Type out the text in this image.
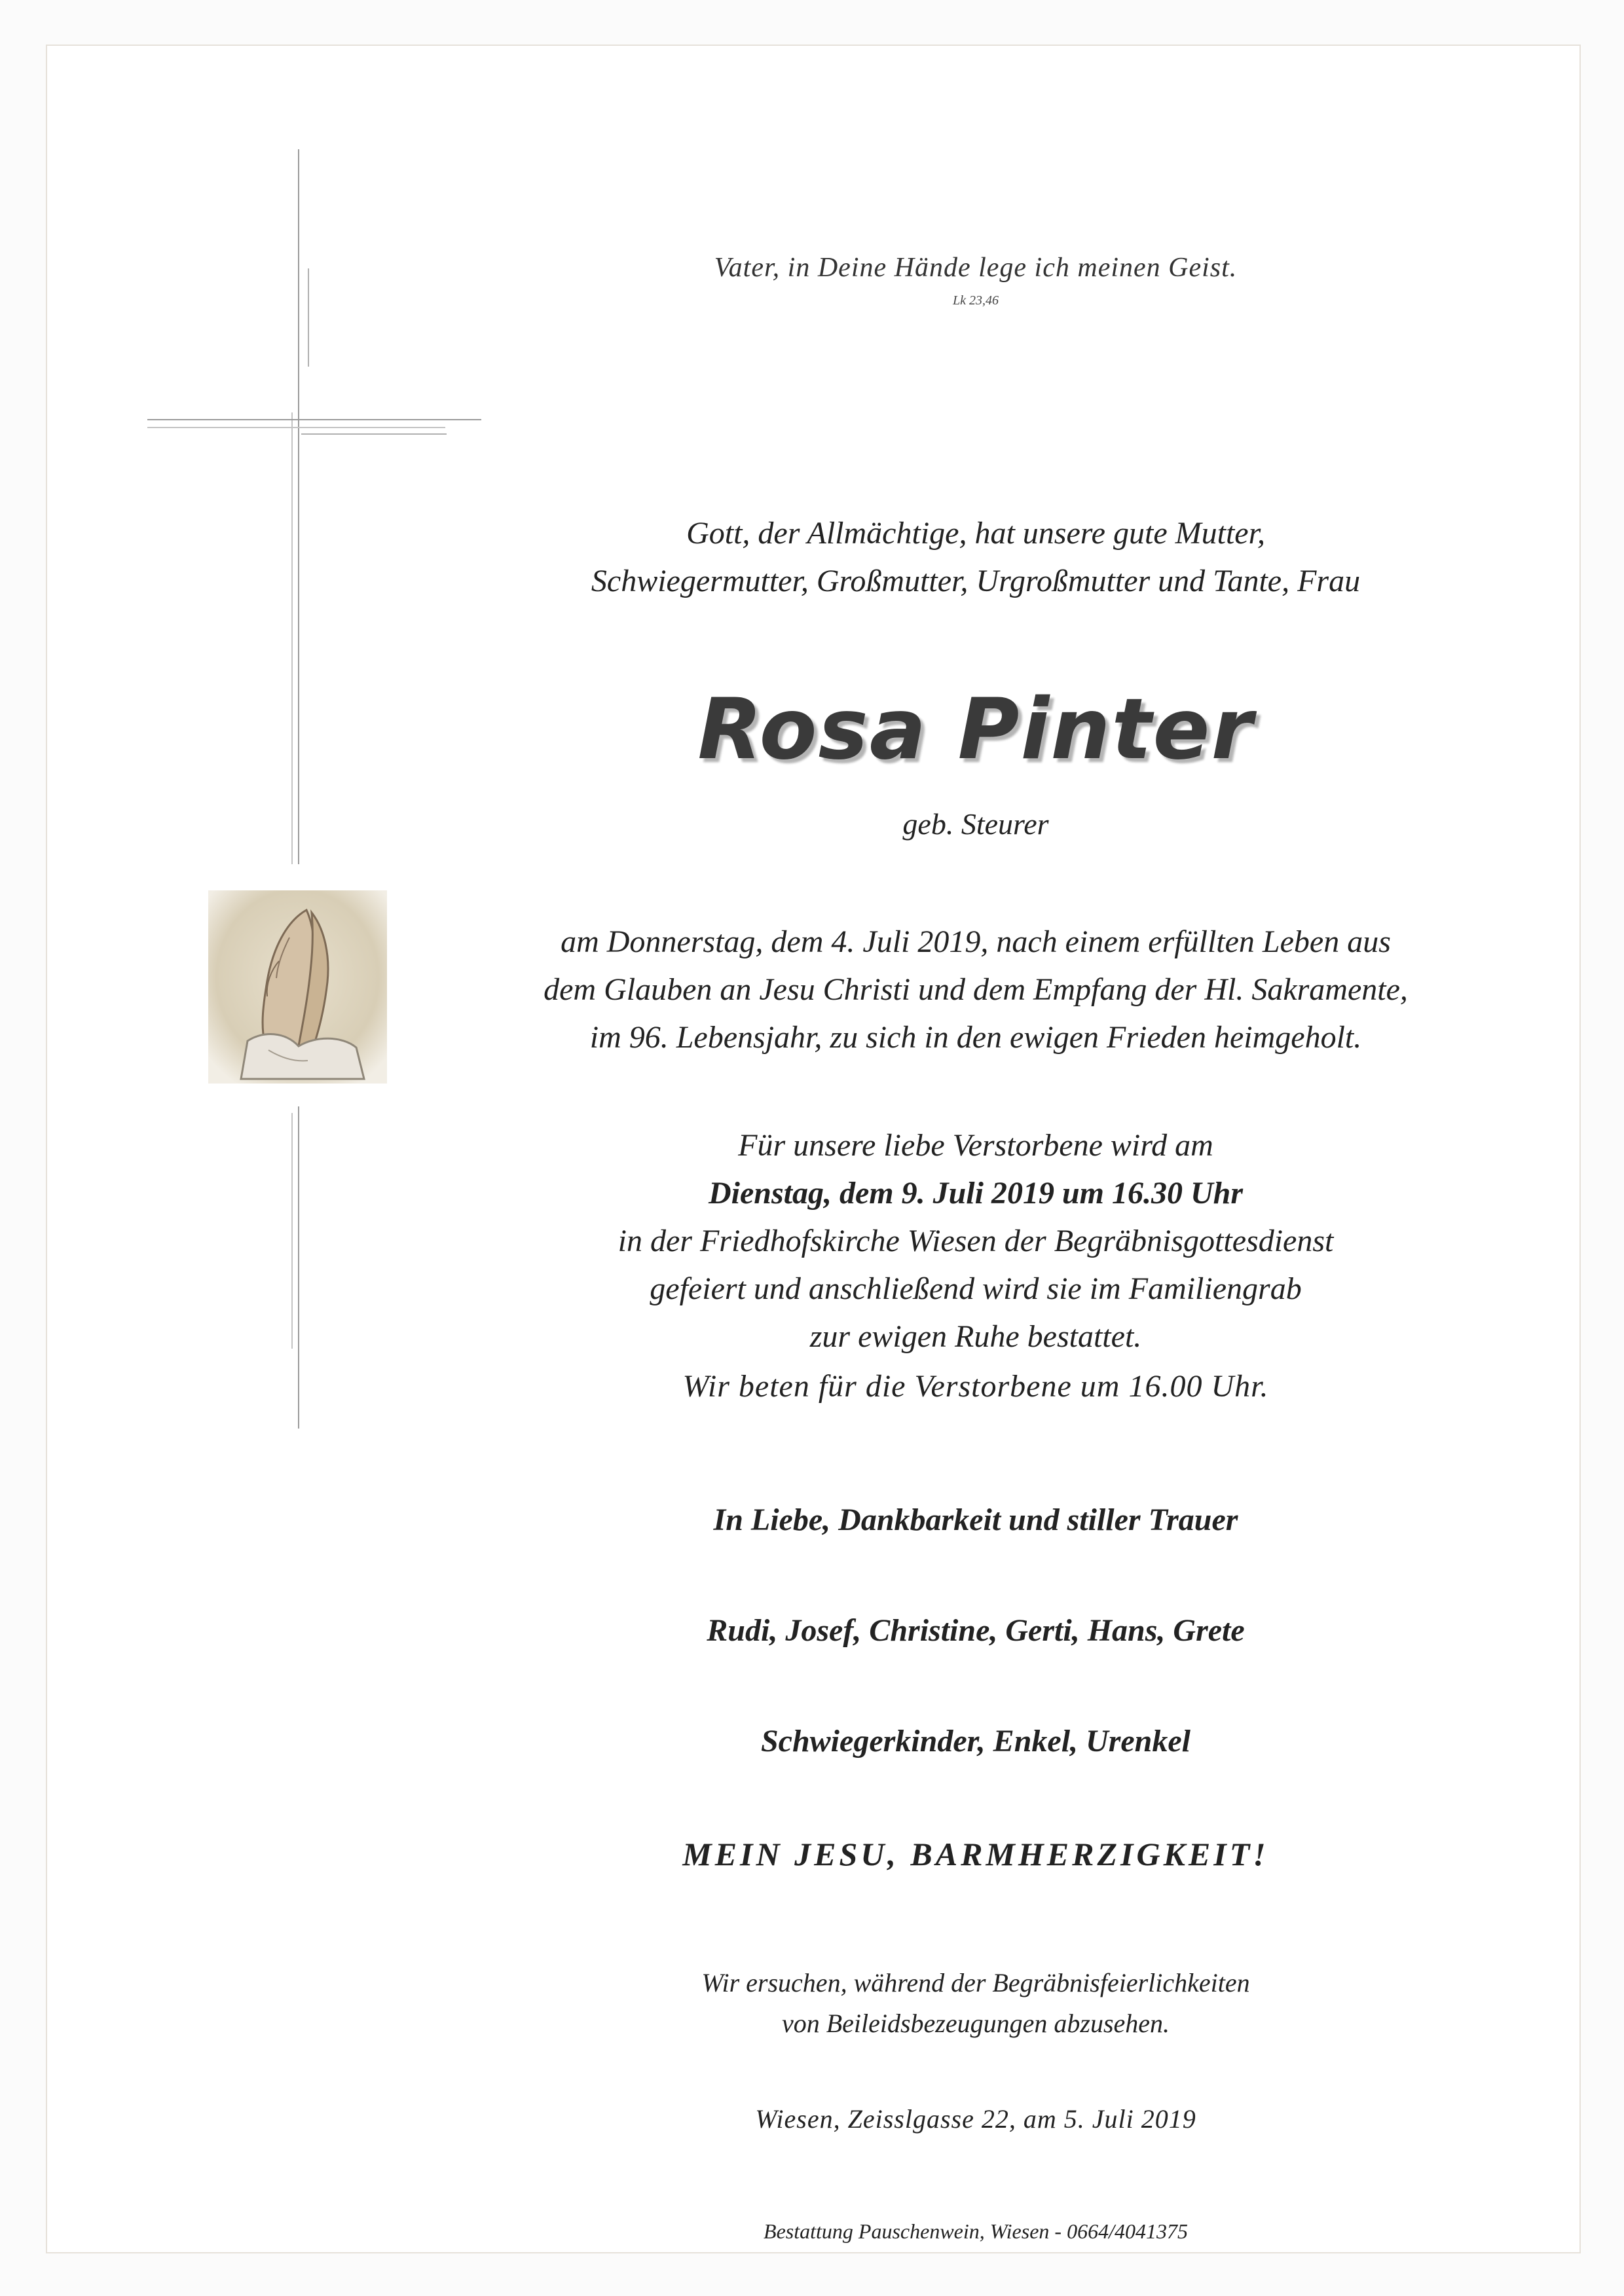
Vater, in Deine Hände lege ich meinen Geist.
Lk 23,46
Gott, der Allmächtige, hat unsere gute Mutter,
Schwiegermutter, Großmutter, Urgroßmutter und Tante, Frau
Rosa Pinter
geb. Steurer
am Donnerstag, dem 4. Juli 2019, nach einem erfüllten Leben aus
dem Glauben an Jesu Christi und dem Empfang der Hl. Sakramente,
im 96. Lebensjahr, zu sich in den ewigen Frieden heimgeholt.
Für unsere liebe Verstorbene wird am
Dienstag, dem 9. Juli 2019 um 16.30 Uhr
in der Friedhofskirche Wiesen der Begräbnisgottesdienst
gefeiert und anschließend wird sie im Familiengrab
zur ewigen Ruhe bestattet.
Wir beten für die Verstorbene um 16.00 Uhr.
In Liebe, Dankbarkeit und stiller Trauer
Rudi, Josef, Christine, Gerti, Hans, Grete
Schwiegerkinder, Enkel, Urenkel
MEIN JESU, BARMHERZIGKEIT!
Wir ersuchen, während der Begräbnisfeierlichkeiten
von Beileidsbezeugungen abzusehen.
Wiesen, Zeisslgasse 22, am 5. Juli 2019
Bestattung Pauschenwein, Wiesen - 0664/4041375
